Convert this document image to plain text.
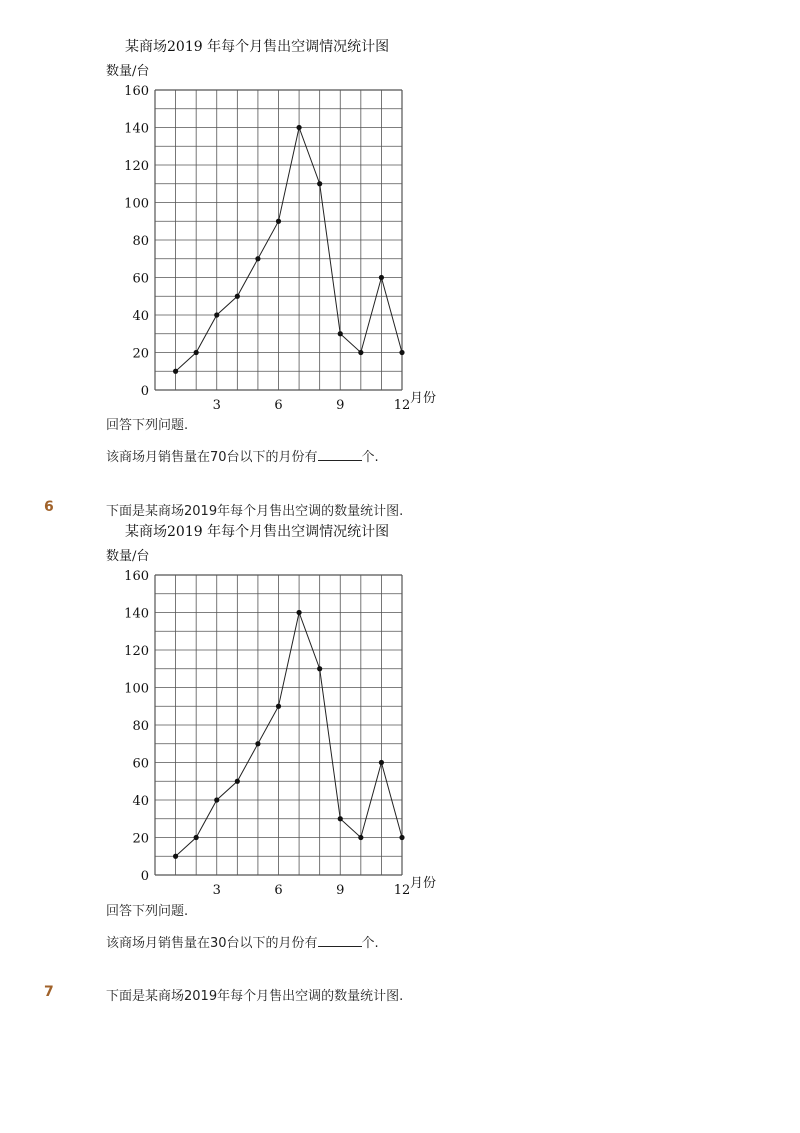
某商场2019 年每个月售出空调情况统计图
数量/台
0
20
40
60
80
100
120
140
160
3	6	9	12 月份
回答下列问题.
该商场月销售量在70台以下的月份有	个.
6	下面是某商场2019年每个月售出空调的数量统计图.
某商场2019 年每个月售出空调情况统计图
数量/台
0
20
40
60
80
100
120
140
160
3	6	9	12 月份
回答下列问题.
该商场月销售量在30台以下的月份有	个.
7	下面是某商场2019年每个月售出空调的数量统计图.
